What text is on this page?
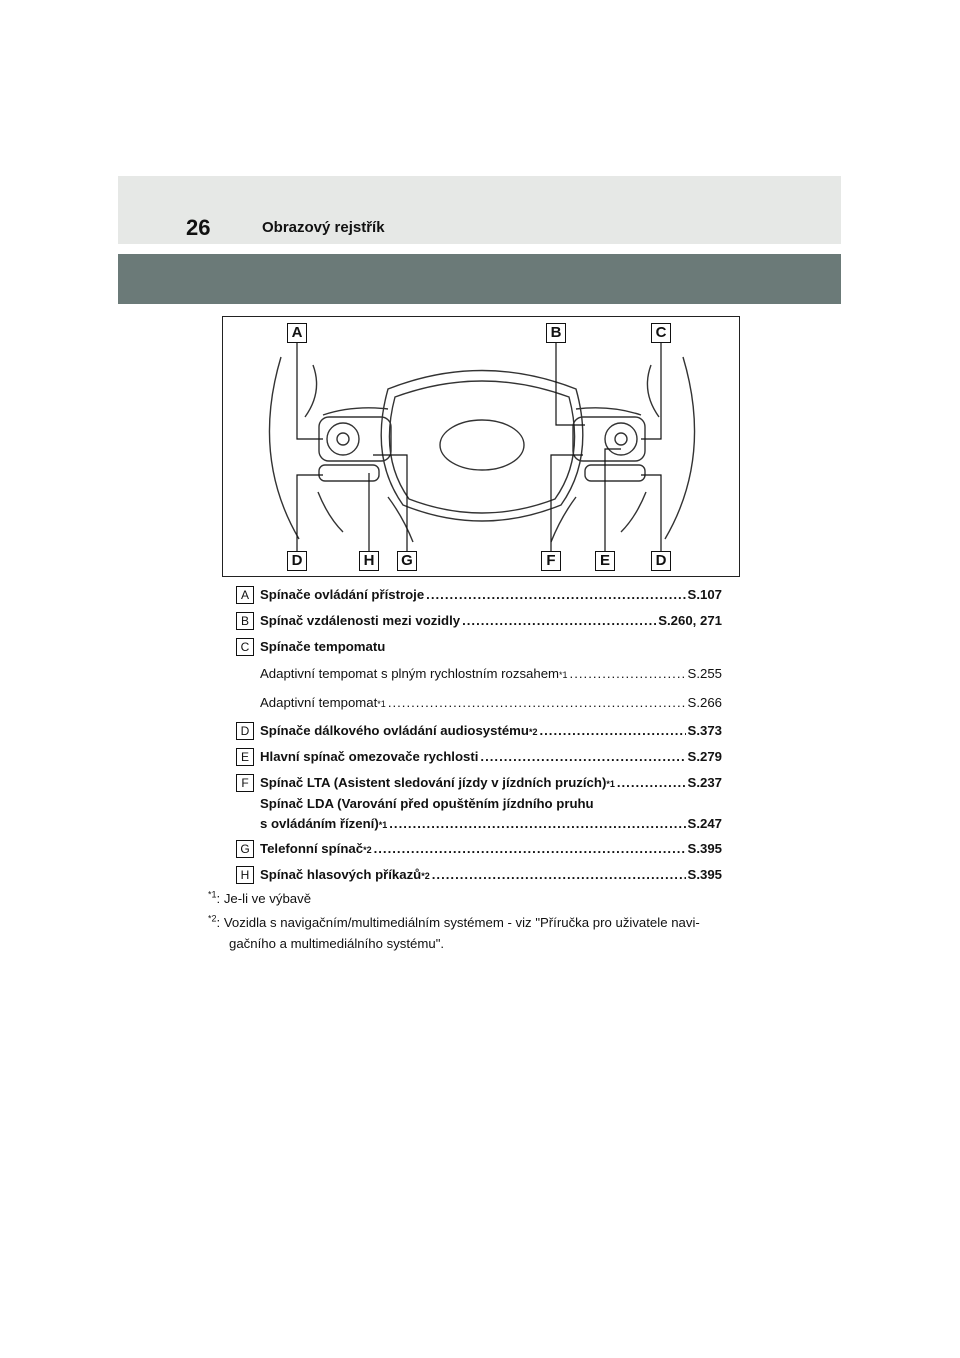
26	Obrazový rejstřík
A	B	C
D	H	G	F	E	D
A Spínače ovládání přístroje .....	S.107
B Spínač vzdálenosti mezi vozidly .....	S.260, 271
C Spínače tempomatu
Adaptivní tempomat s plným rychlostním rozsahem *1 .....	S.255
Adaptivní tempomat *1 .....	S.266
D Spínače dálkového ovládání audiosystému *2 .....	S.373
E Hlavní spínač omezovače rychlosti .....	S.279
F Spínač LTA (Asistent sledování jízdy v jízdních pruzích) *1 .....	S.237
Spínač LDA (Varování před opuštěním jízdního pruhu
s ovládáním řízení) *1 .....	S.247
G Telefonní spínač *2 .....	S.395
H Spínač hlasových příkazů *2 .....	S.395
$^{*1}$: Je-li ve výbavě
$^{*2}$: Vozidla s navigačním/multimediálním systémem - viz "Příručka pro uživatele navi-
gačního a multimediálního systému".
